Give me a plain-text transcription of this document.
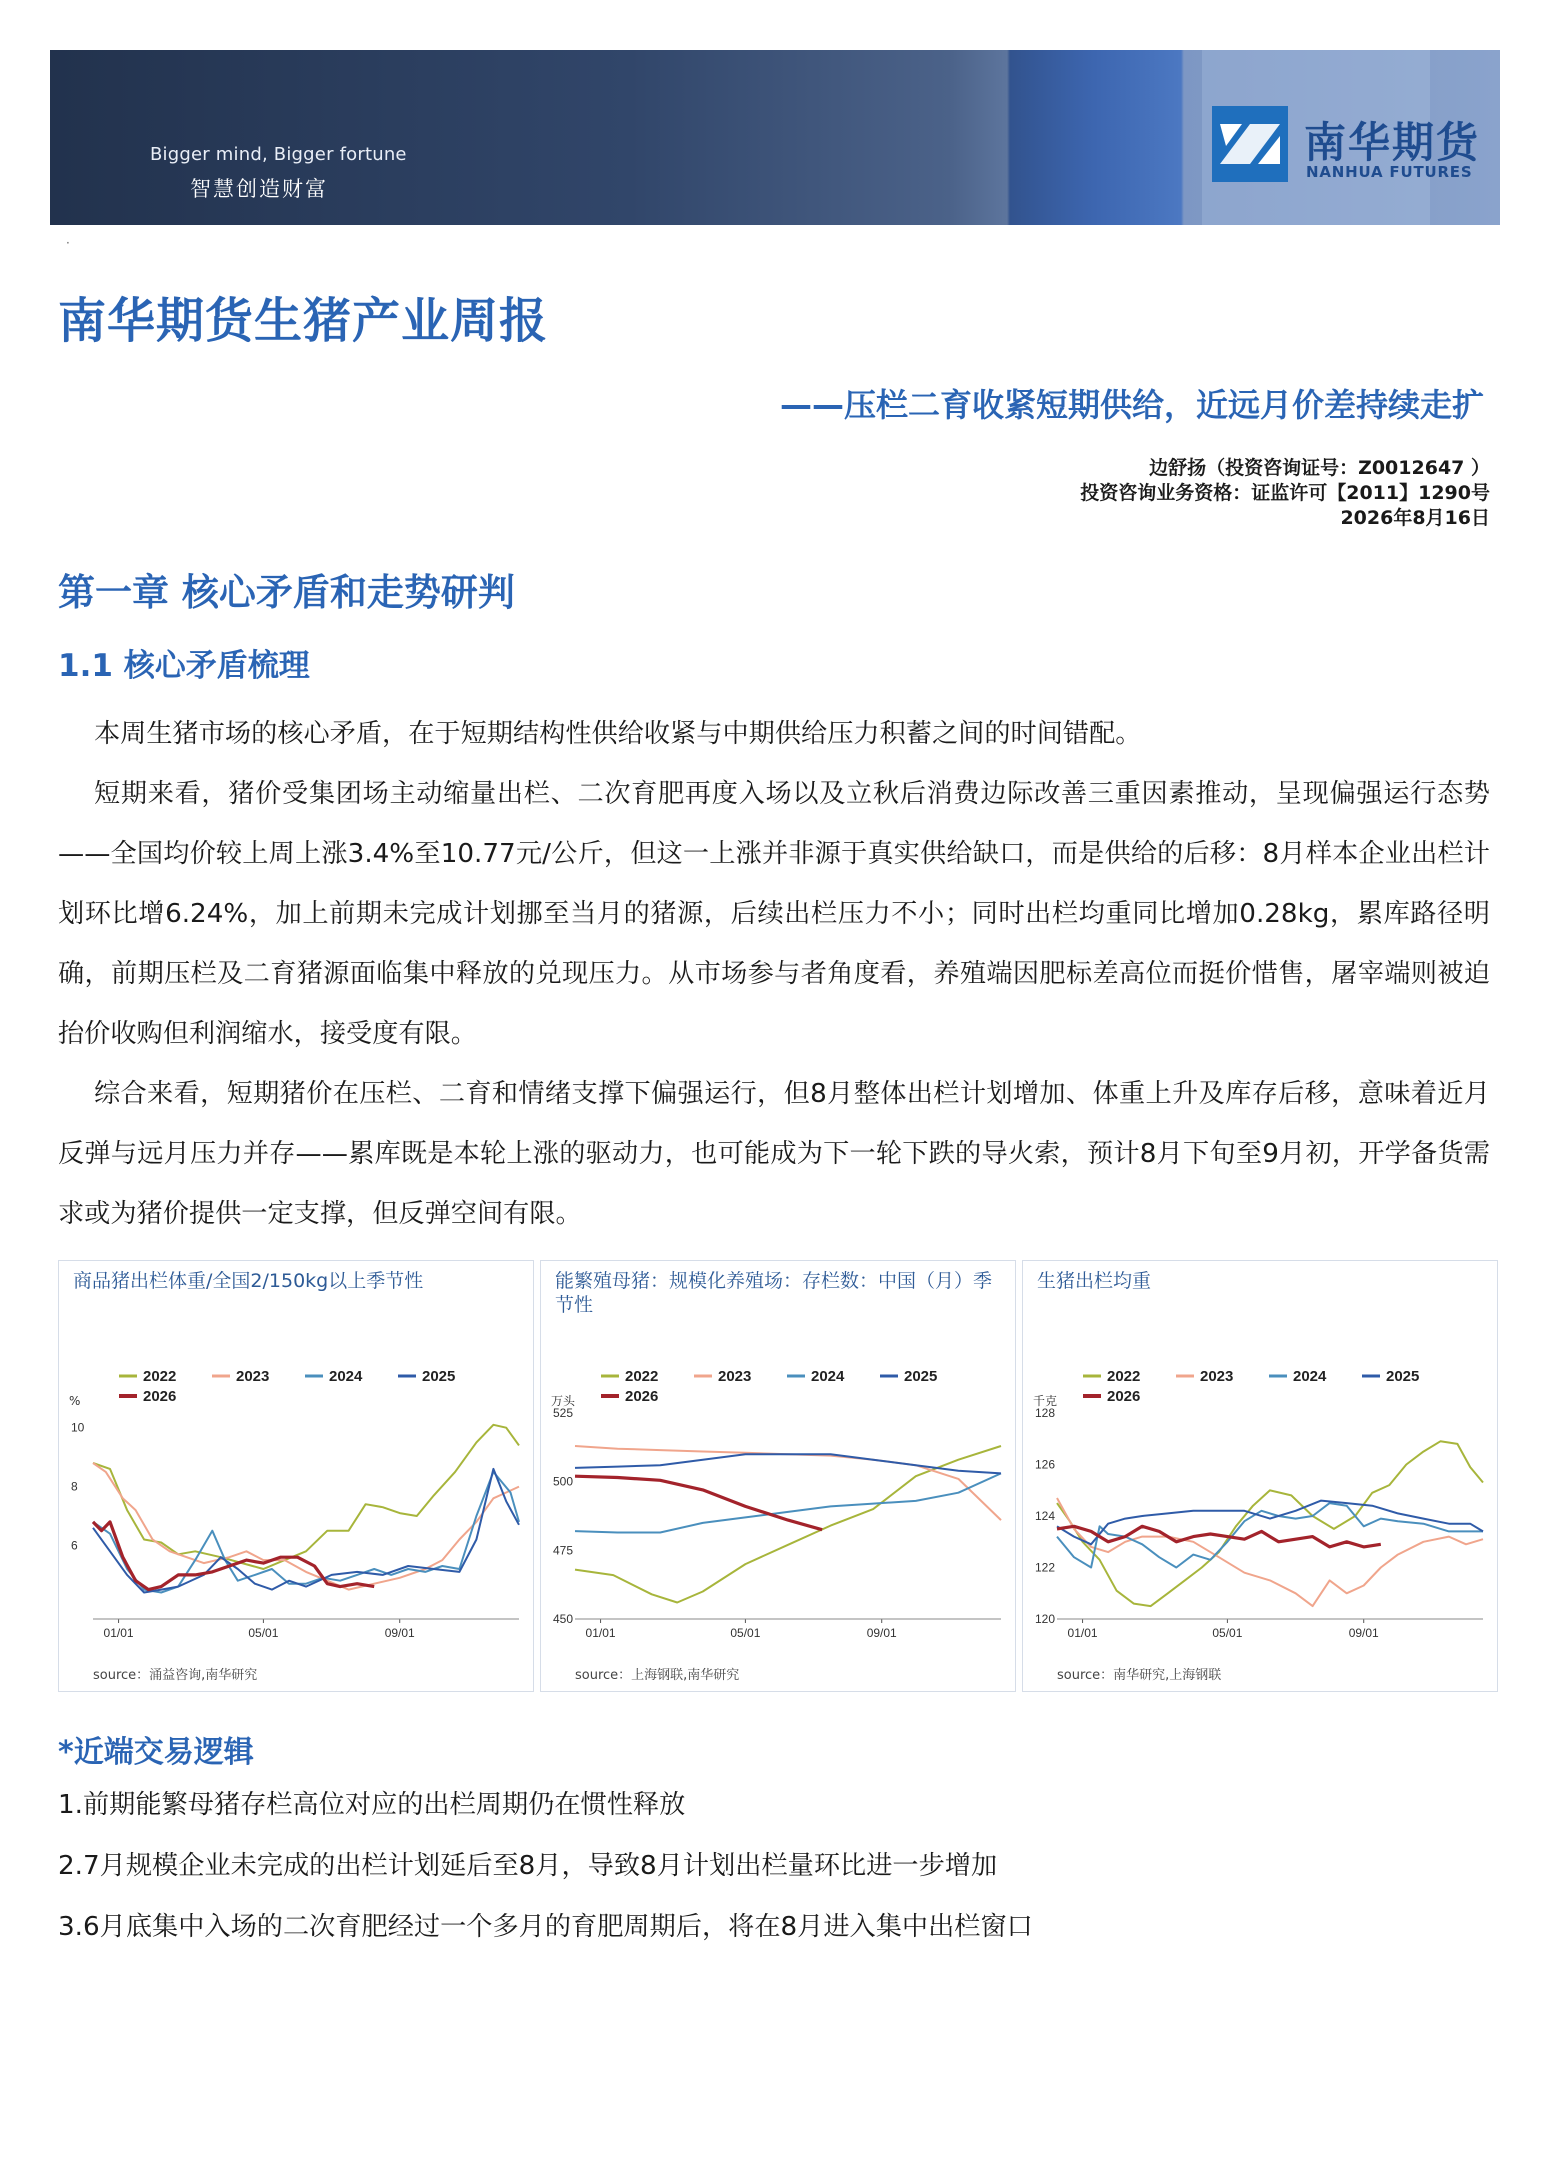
Bigger mind, Bigger fortune
智慧创造财富
南华期货
NANHUA FUTURES
·
南华期货生猪产业周报
——压栏二育收紧短期供给，近远月价差持续走扩
边舒扬（投资咨询证号：Z0012647 ）
投资咨询业务资格：证监许可【2011】1290号
2026年8月16日
第一章 核心矛盾和走势研判
1.1 核心矛盾梳理
本周生猪市场的核心矛盾，在于短期结构性供给收紧与中期供给压力积蓄之间的时间错配。
短期来看，猪价受集团场主动缩量出栏、二次育肥再度入场以及立秋后消费边际改善三重因素推动，呈现偏强运行态势——全国均价较上周上涨3.4%至10.77元/公斤，但这一上涨并非源于真实供给缺口，而是供给的后移：8月样本企业出栏计划环比增6.24%，加上前期未完成计划挪至当月的猪源，后续出栏压力不小；同时出栏均重同比增加0.28kg，累库路径明确，前期压栏及二育猪源面临集中释放的兑现压力。从市场参与者角度看，养殖端因肥标差高位而挺价惜售，屠宰端则被迫抬价收购但利润缩水，接受度有限。
综合来看，短期猪价在压栏、二育和情绪支撑下偏强运行，但8月整体出栏计划增加、体重上升及库存后移，意味着近月反弹与远月压力并存——累库既是本轮上涨的驱动力，也可能成为下一轮下跌的导火索，预计8月下旬至9月初，开学备货需求或为猪价提供一定支撑，但反弹空间有限。
商品猪出栏体重/全国2/150kg以上季节性
2022	2023	2024	2025
2026
%
10
8
6
01/01	05/01	09/01
source：涌益咨询,南华研究
能繁殖母猪：规模化养殖场：存栏数：中国（月）季节性
2022	2023	2024	2025
2026
万头
525
500
475
450
01/01	05/01	09/01
source：上海钢联,南华研究
生猪出栏均重
2022	2023	2024	2025
2026
千克
128
126
124
122
120
01/01	05/01	09/01
source：南华研究,上海钢联
*近端交易逻辑
1.前期能繁母猪存栏高位对应的出栏周期仍在惯性释放
2.7月规模企业未完成的出栏计划延后至8月，导致8月计划出栏量环比进一步增加
3.6月底集中入场的二次育肥经过一个多月的育肥周期后，将在8月进入集中出栏窗口
